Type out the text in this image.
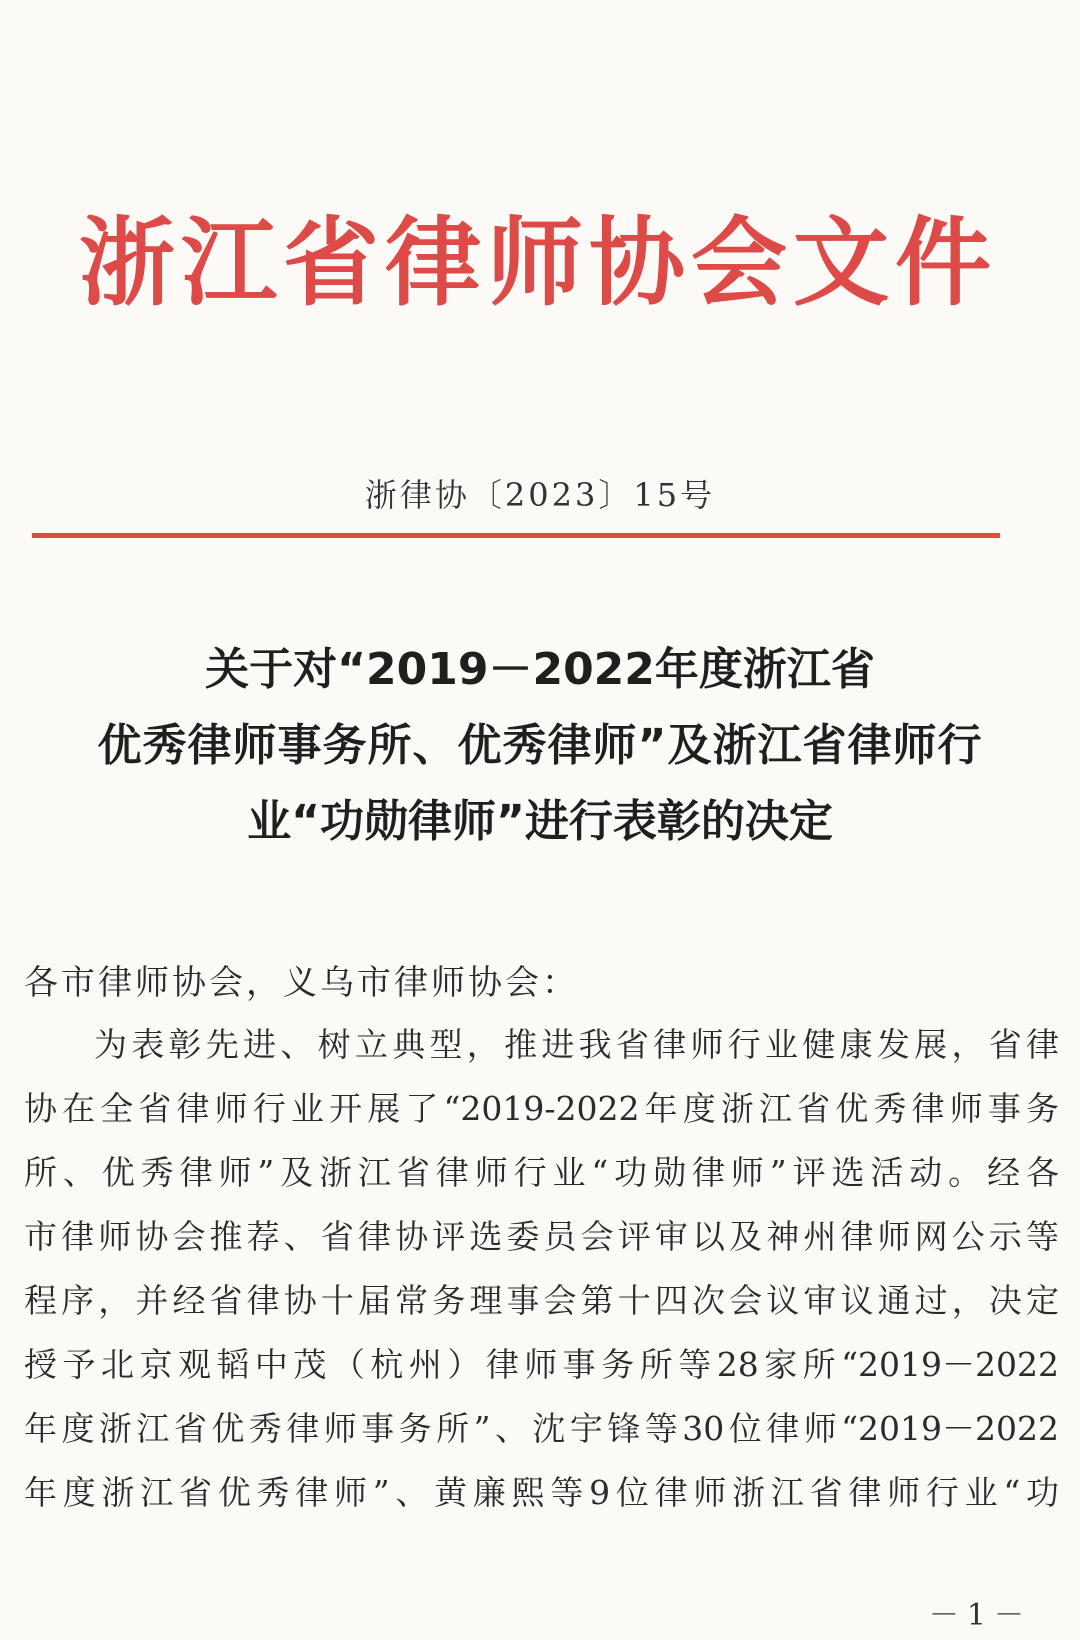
浙江省律师协会文件
浙律协〔2023〕15号
关于对“2019－2022年度浙江省
优秀律师事务所、优秀律师”及浙江省律师行
业“功勋律师”进行表彰的决定
各市律师协会，义乌市律师协会：
为表彰先进、树立典型，推进我省律师行业健康发展，省律
协在全省律师行业开展了“2019-2022年度浙江省优秀律师事务
所、优秀律师”及浙江省律师行业“功勋律师”评选活动。经各
市律师协会推荐、省律协评选委员会评审以及神州律师网公示等
程序，并经省律协十届常务理事会第十四次会议审议通过，决定
授予北京观韬中茂（杭州）律师事务所等28家所“2019－2022
年度浙江省优秀律师事务所”、沈宇锋等30位律师“2019－2022
年度浙江省优秀律师”、黄廉熙等9位律师浙江省律师行业“功
－1－
